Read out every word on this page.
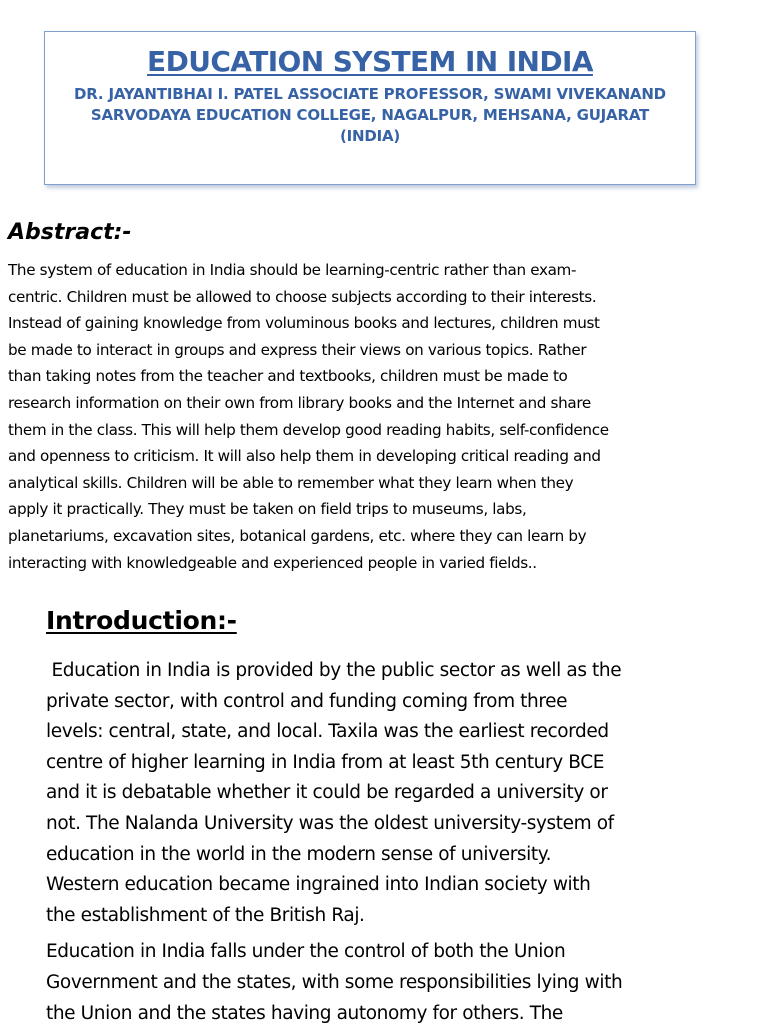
EDUCATION SYSTEM IN INDIA
DR. JAYANTIBHAI I. PATEL ASSOCIATE PROFESSOR, SWAMI VIVEKANAND
SARVODAYA EDUCATION COLLEGE, NAGALPUR, MEHSANA, GUJARAT
(INDIA)
Abstract:-
The system of education in India should be learning-centric rather than exam-
centric. Children must be allowed to choose subjects according to their interests.
Instead of gaining knowledge from voluminous books and lectures, children must
be made to interact in groups and express their views on various topics. Rather
than taking notes from the teacher and textbooks, children must be made to
research information on their own from library books and the Internet and share
them in the class. This will help them develop good reading habits, self-confidence
and openness to criticism. It will also help them in developing critical reading and
analytical skills. Children will be able to remember what they learn when they
apply it practically. They must be taken on field trips to museums, labs,
planetariums, excavation sites, botanical gardens, etc. where they can learn by
interacting with knowledgeable and experienced people in varied fields..
Introduction:-
Education in India is provided by the public sector as well as the
private sector, with control and funding coming from three
levels: central, state, and local. Taxila was the earliest recorded
centre of higher learning in India from at least 5th century BCE
and it is debatable whether it could be regarded a university or
not. The Nalanda University was the oldest university-system of
education in the world in the modern sense of university.
Western education became ingrained into Indian society with
the establishment of the British Raj.
Education in India falls under the control of both the Union
Government and the states, with some responsibilities lying with
the Union and the states having autonomy for others. The
